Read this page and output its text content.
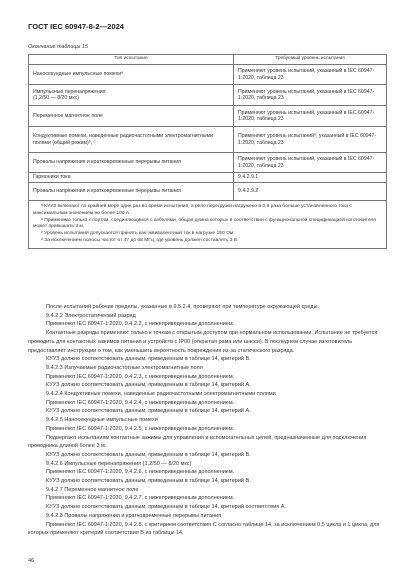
ГОСТ IEC 60947-8-2—2024
Окончание таблицы 15
Тип испытания	Требуемый уровень испытания
Наносекундные импульсные помехиᵃ	Применяют уровень испытаний, указанный в IEC 60947-1:2020, таблица 23
Импульсные перенапряжения
(1,2/50 — 8/20 мкс)	Применяют уровень испытаний, указанный в IEC 60947-1:2020, таблица 23
Переменное магнитное поле	Применяют уровень испытаний, указанный в IEC 60947-1:2020, таблица 23
Кондуктивные помехи, наведенные радиочастотными электромагнитными полями (общий режим)ᵇ, ᶜ	Применяют уровень испытанийᵈ, указанный в IEC 60947-1:2020, таблица 23
Провалы напряжения и кратковременные перерывы питания	Применяют уровень испытаний, указанный в IEC 60947-1:2020, таблица 23
Гармоники тока	9.4.2.9.1
Провалы напряжения и кратковременные перерывы питания	9.4.2.9.2

ᵃ КУУЗ включают по крайней мере один раз во время испытания, а реле перегрузки нагружено в 0,9 раза больше установленного тока с максимальным значением не более 100 А.
ᵇ Применимо только к портам, соединяющимся с кабелями, общая длина которых в соответствии с функциональной спецификацией изготовителя может превышать 3 м.
ᶜ Уровень испытаний допускается принять как эквивалентный ток в нагрузке 150 Ом.
ᵈ За исключением полосы частот от 47 до 68 МГц, где уровень должен составлять 3 В.	

После испытаний рабочие пределы, указанные в 9.5.2.4, проверяют при температуре окружающей среды.

9.4.2.2 Электростатический разряд

Применяют IEC 60947-1:2020, 9.4.2.2, с нижеприведенным дополнением.

Контактные разряды применяют только к точкам с открытым доступом при нормальном использовании. Испытание не требуется проводить для контактных зажимов питания и устройств с IP00 (открытая рама или шасси). В последнем случае изготовитель предоставляет инструкции о том, как уменьшить вероятность повреждения из-за статического разряда.

КУУЗ должно соответствовать данным, приведенным в таблице 14, критерий В.

9.4.2.3 Излучаемые радиочастотные электромагнитные поля

Применяют IEC 60947-1:2020, 9.4.2.3, с нижеприведенным дополнением.

КУУЗ должно соответствовать данным, приведенным в таблице 14, критерий А.

9.4.2.4 Кондуктивные помехи, наведенные радиочастотными электромагнитными полями

Применяют IEC 60947-1:2020, 9.4.2.4, с нижеприведенным дополнением.

КУУЗ должно соответствовать данным, приведенным в таблице 14, критерий А.

9.4.2.5 Наносекундные импульсные помехи

Применяют IEC 60947-1:2020, 9.4.2.5, с нижеприведенным дополнением.

Подвергают испытаниям контактные зажимы для управления и вспомогательных цепей, предназначенные для подключения проводника длиной более 3 м.

КУУЗ должно соответствовать данным, приведенным в таблице 14, критерий В.

9.4.2.6 Импульсные перенапряжения (1,2/50 — 8/20 мкс)

Применяют IEC 60947-1:2020, 9.4.2.6, с нижеприведенным дополнением.

КУУЗ должно соответствовать данным, приведенным в таблице 14, критерий В.

9.4.2.7 Переменное магнитное поле

Применяют IEC 60947-1:2020, 9.4.2.7, с нижеприведенным дополнением.

КУУЗ должно соответствовать данным, приведенным в таблице 14, критерий соответствия А.

9.4.2.8 Провалы напряжения и кратковременные перерывы питания

Применяют IEC 60947-1:2020, 9.4.2.8, с критерием соответствия С согласно таблице 14, за исключением 0,5 цикла и 1 цикла, для которых применяют критерий соответствия В из таблицы 14.

46
